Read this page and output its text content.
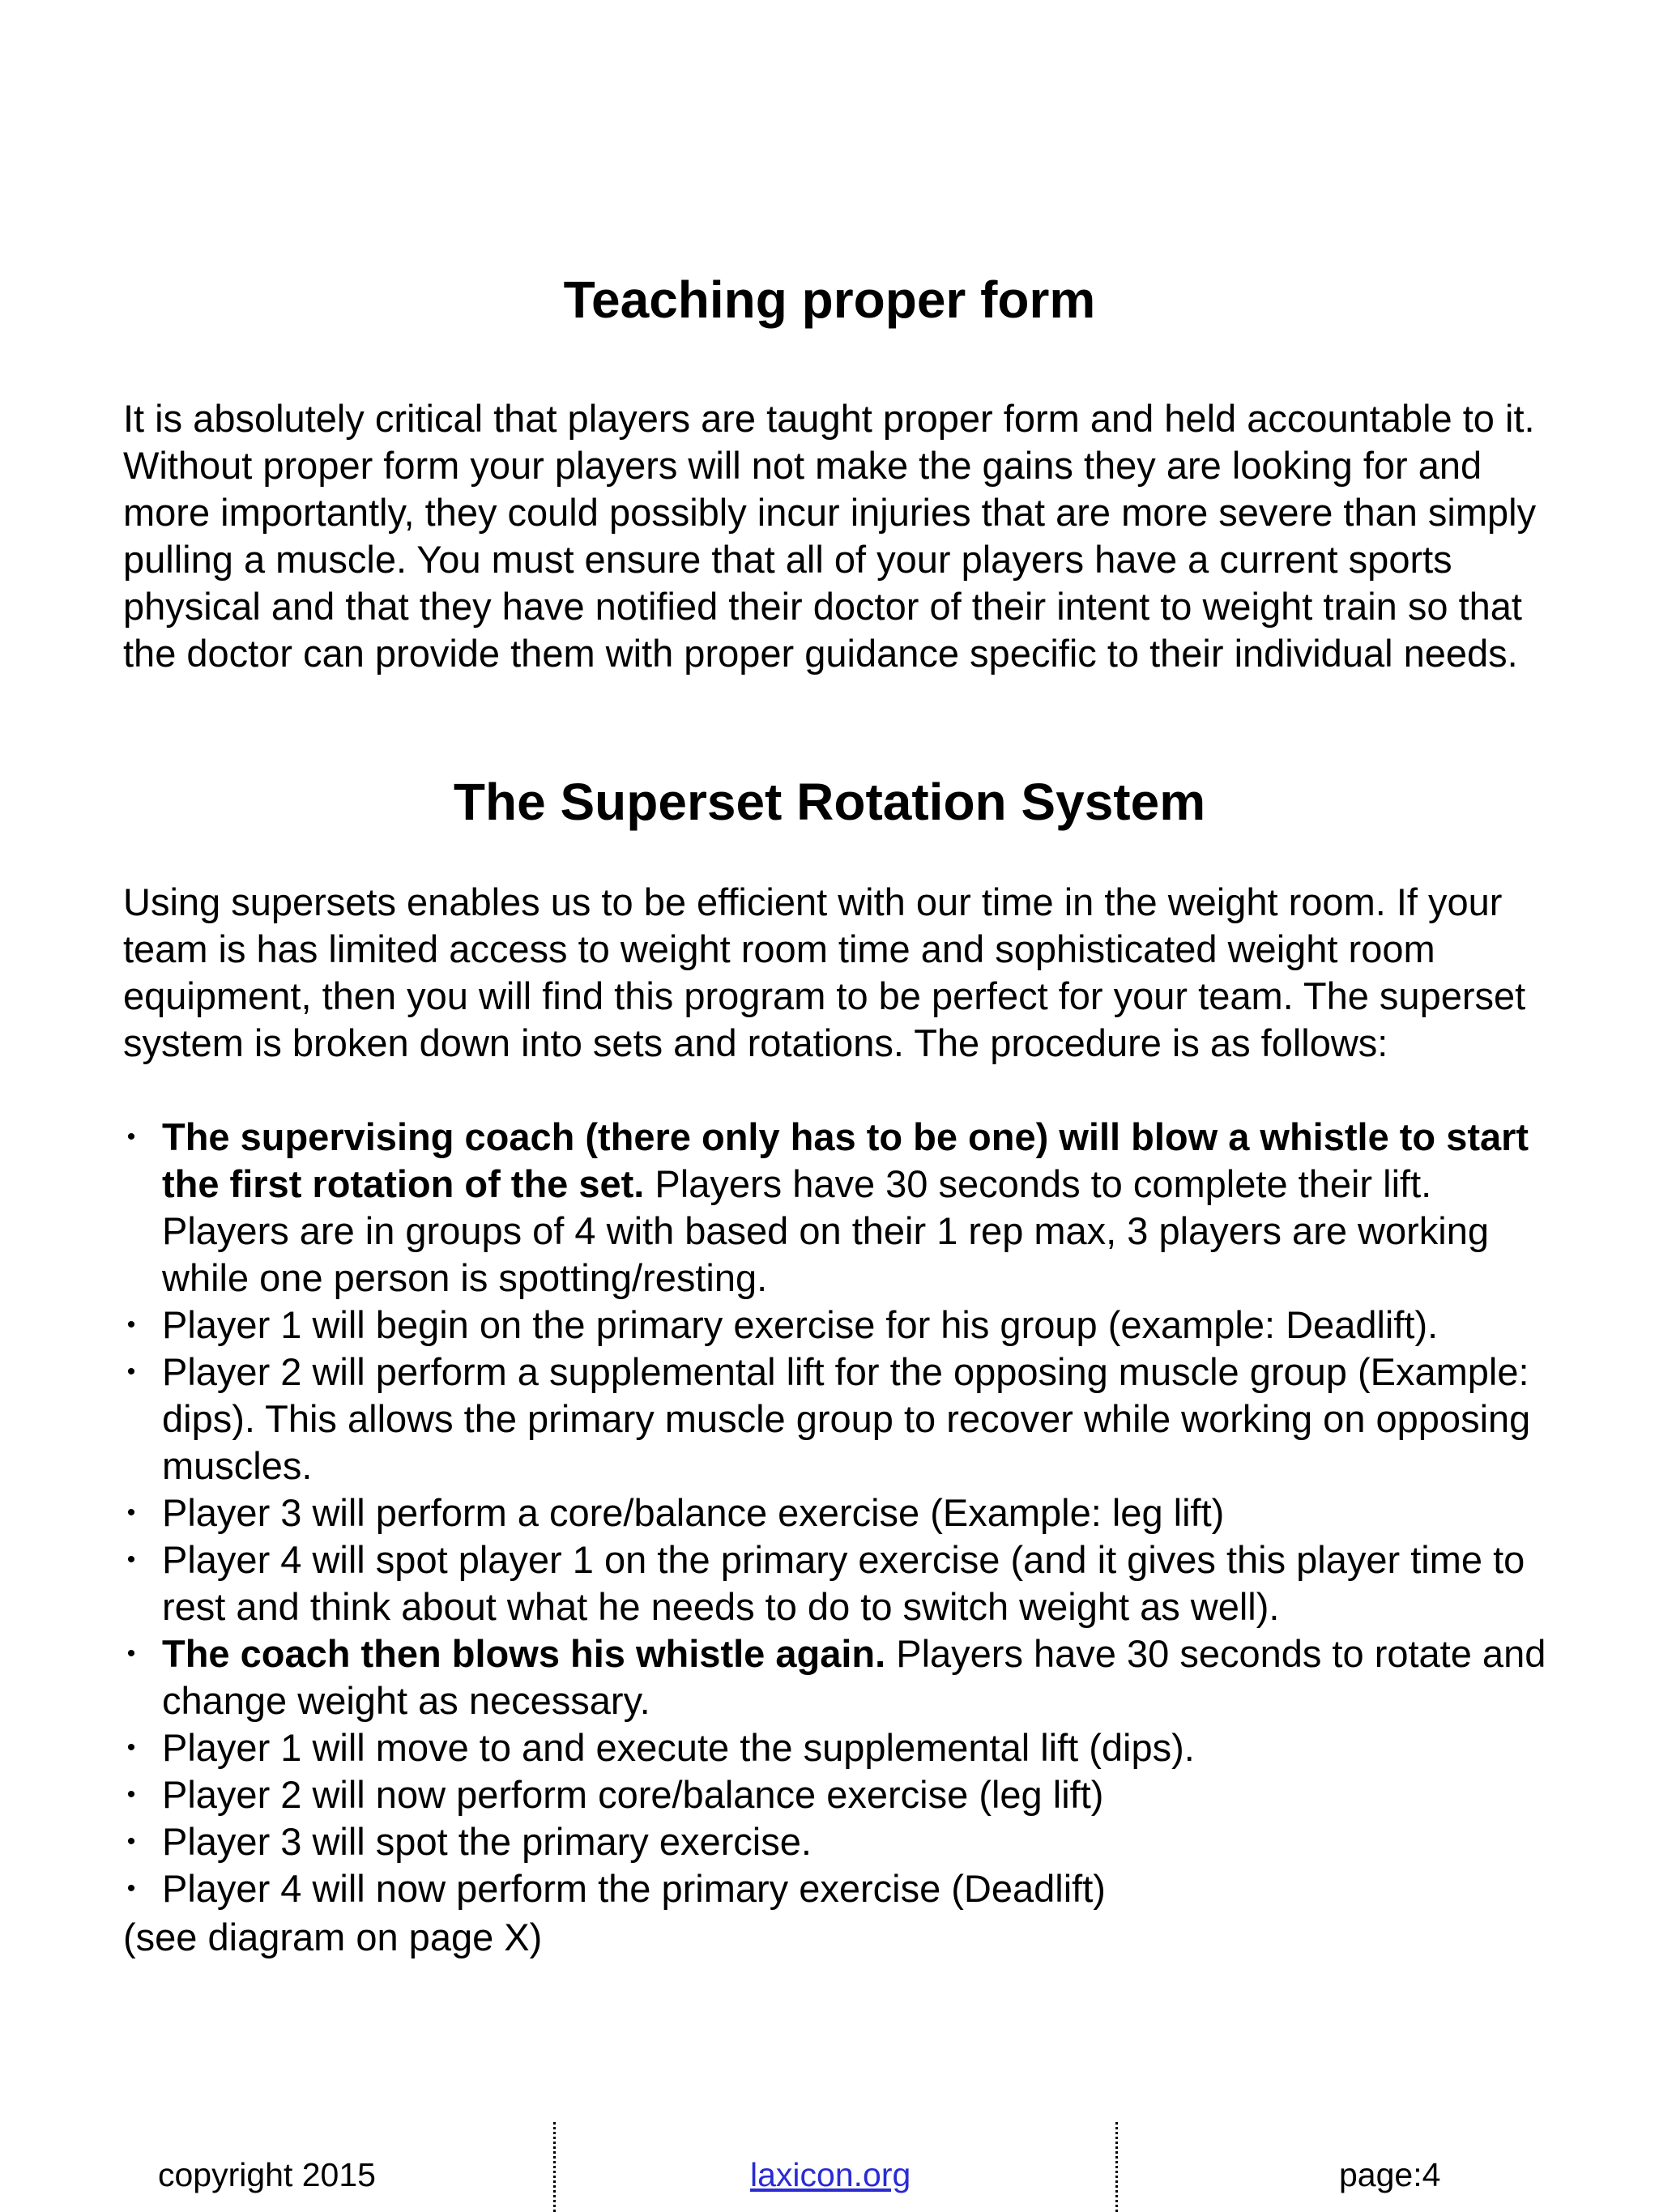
Teaching proper form

It is absolutely critical that players are taught proper form and held accountable to it. Without proper form your players will not make the gains they are looking for and more importantly, they could possibly incur injuries that are more severe than simply pulling a muscle. You must ensure that all of your players have a current sports physical and that they have notified their doctor of their intent to weight train so that the doctor can provide them with proper guidance specific to their individual needs.

The Superset Rotation System

Using supersets enables us to be efficient with our time in the weight room. If your team is has limited access to weight room time and sophisticated weight room equipment, then you will find this program to be perfect for your team. The superset system is broken down into sets and rotations. The procedure is as follows:

• The supervising coach (there only has to be one) will blow a whistle to start the first rotation of the set. Players have 30 seconds to complete their lift. Players are in groups of 4 with based on their 1 rep max, 3 players are working while one person is spotting/resting.
• Player 1 will begin on the primary exercise for his group (example: Deadlift).
• Player 2 will perform a supplemental lift for the opposing muscle group (Example: dips). This allows the primary muscle group to recover while working on opposing muscles.
• Player 3 will perform a core/balance exercise (Example: leg lift)
• Player 4 will spot player 1 on the primary exercise (and it gives this player time to rest and think about what he needs to do to switch weight as well).
• The coach then blows his whistle again. Players have 30 seconds to rotate and change weight as necessary.
• Player 1 will move to and execute the supplemental lift (dips).
• Player 2 will now perform core/balance exercise (leg lift)
• Player 3 will spot the primary exercise.
• Player 4 will now perform the primary exercise (Deadlift)

(see diagram on page X)

copyright 2015	laxicon.org	page:4
